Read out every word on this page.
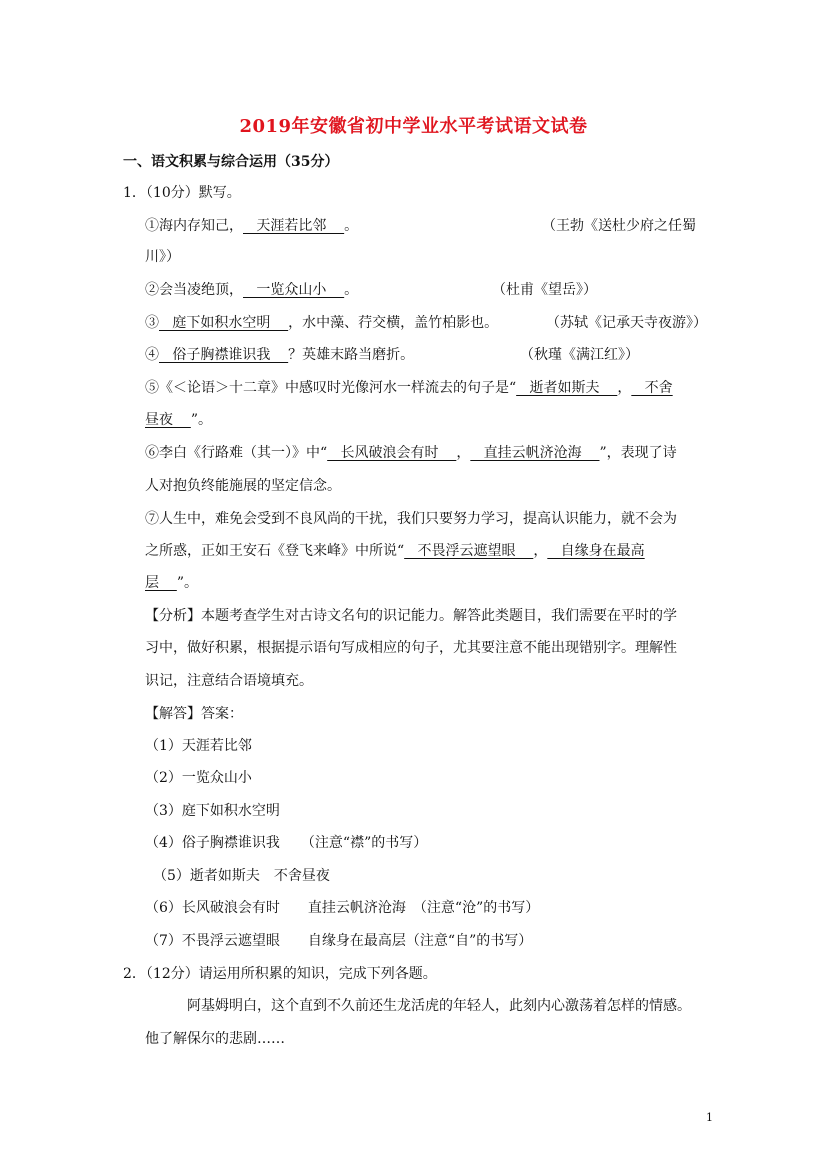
2019年安徽省初中学业水平考试语文试卷
一、语文积累与综合运用（35分）
1．（10分）默写。
①海内存知己，   天涯若比邻    。	（王勃《送杜少府之任蜀
川》）
②会当凌绝顶，   一览众山小    。	（杜甫《望岳》）
③   庭下如积水空明    ，水中藻、荇交横，盖竹柏影也。	（苏轼《记承天寺夜游》）
④   俗子胸襟谁识我    ？英雄末路当磨折。	（秋瑾《满江红》）
⑤《＜论语＞十二章》中感叹时光像河水一样流去的句子是“   逝者如斯夫    ，   不舍
昼夜    ”。
⑥李白《行路难（其一）》中“   长风破浪会有时    ，   直挂云帆济沧海    ”，表现了诗
人对抱负终能施展的坚定信念。
⑦人生中，难免会受到不良风尚的干扰，我们只要努力学习，提高认识能力，就不会为
之所惑，正如王安石《登飞来峰》中所说“   不畏浮云遮望眼    ，   自缘身在最高
层    ”。
【分析】本题考查学生对古诗文名句的识记能力。解答此类题目，我们需要在平时的学
习中，做好积累，根据提示语句写成相应的句子，尤其要注意不能出现错别字。理解性
识记，注意结合语境填充。
【解答】答案：
（1）天涯若比邻
（2）一览众山小
（3）庭下如积水空明
（4）俗子胸襟谁识我　　（注意“襟”的书写）
（5）逝者如斯夫　不舍昼夜
（6）长风破浪会有时　　直挂云帆济沧海　（注意“沧”的书写）
（7）不畏浮云遮望眼　　自缘身在最高层（注意“自”的书写）
2．（12分）请运用所积累的知识，完成下列各题。
阿基姆明白，这个直到不久前还生龙活虎的年轻人，此刻内心激荡着怎样的情感。
他了解保尔的悲剧……
1
